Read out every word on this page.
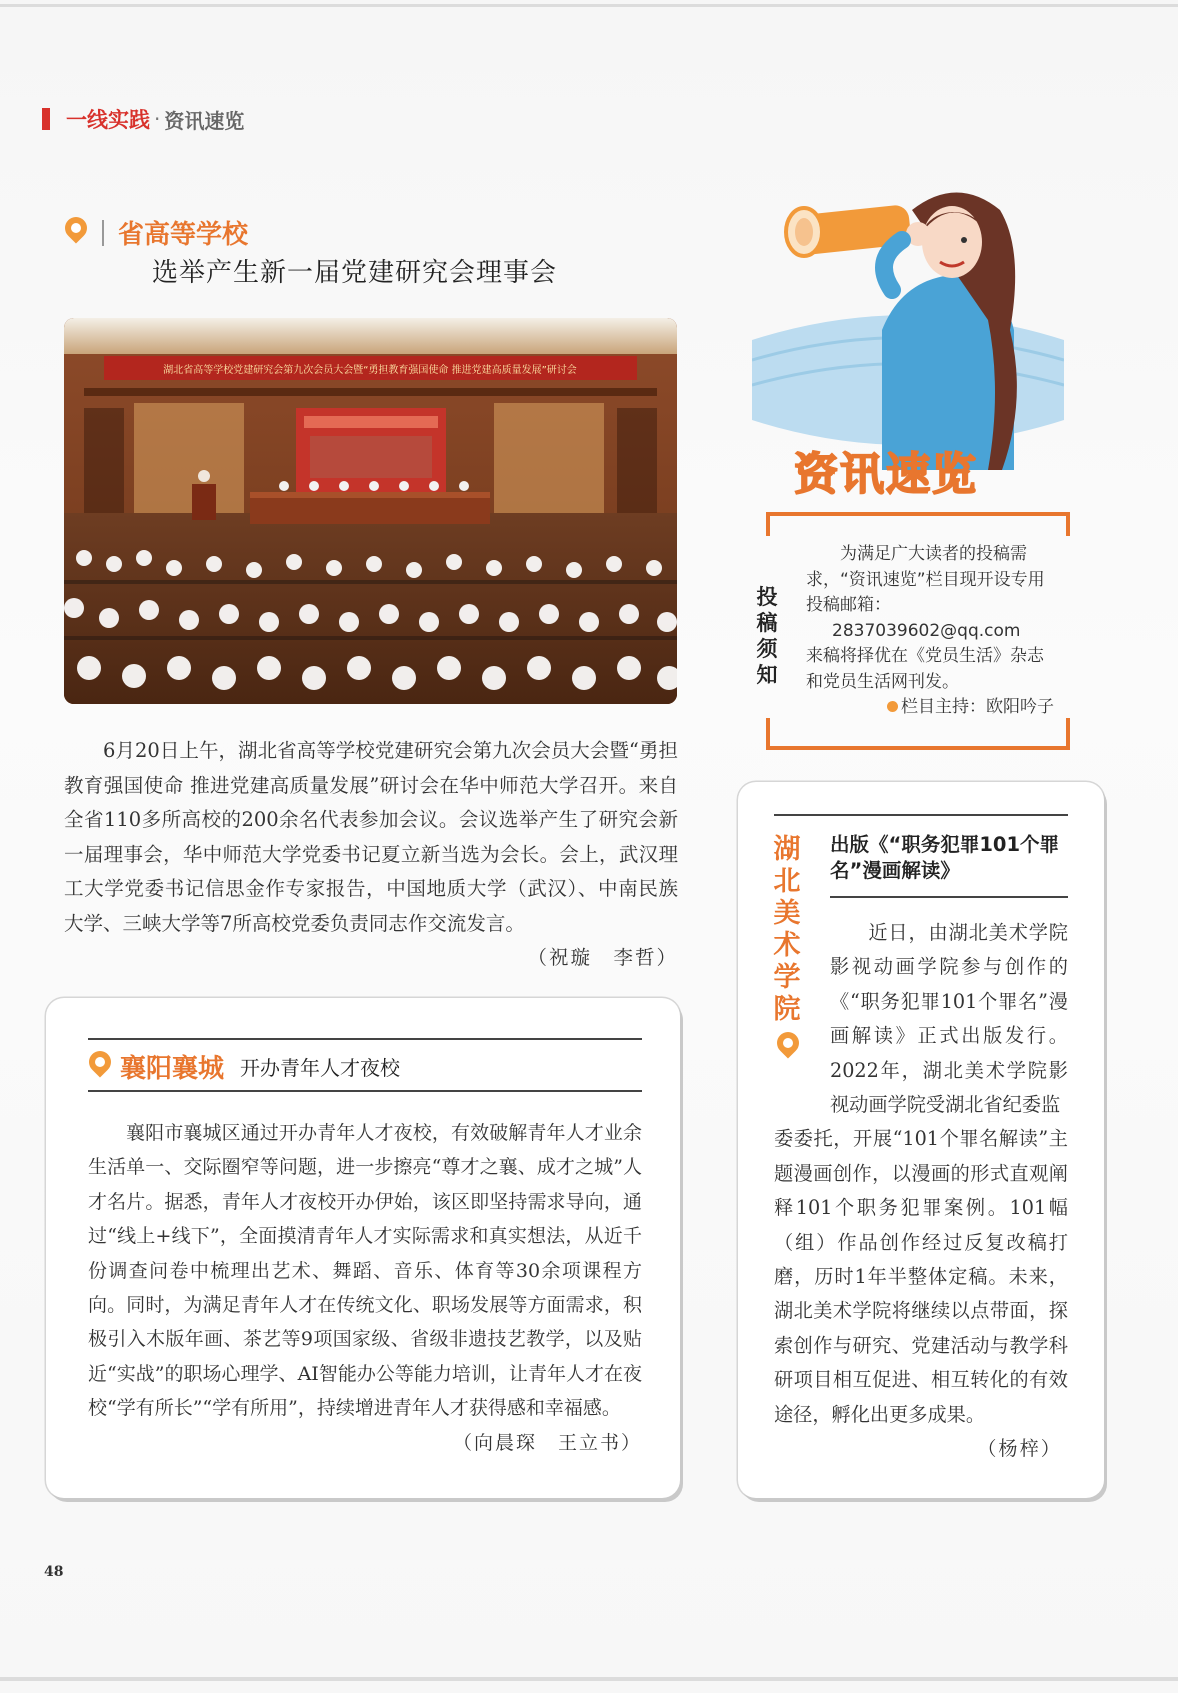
一线实践 · 资讯速览
省高等学校
选举产生新一届党建研究会理事会
湖北省高等学校党建研究会第九次会员大会暨“勇担教育强国使命 推进党建高质量发展”研讨会

6月20日上午，湖北省高等学校党建研究会第九次会员大会暨“勇担教育强国使命 推进党建高质量发展”研讨会在华中师范大学召开。来自全省110多所高校的200余名代表参加会议。会议选举产生了研究会新一届理事会，华中师范大学党委书记夏立新当选为会长。会上，武汉理工大学党委书记信思金作专家报告，中国地质大学（武汉）、中南民族大学、三峡大学等7所高校党委负责同志作交流发言。
（祝璇　李哲）

资讯速览
投
稿
须
知
为满足广大读者的投稿需求，“资讯速览”栏目现开设专用投稿邮箱：
2837039602@qq.com
来稿将择优在《党员生活》杂志和党员生活网刊发。
栏目主持：欧阳吟子
襄阳襄城 开办青年人才夜校

襄阳市襄城区通过开办青年人才夜校，有效破解青年人才业余生活单一、交际圈窄等问题，进一步擦亮“尊才之襄、成才之城”人才名片。据悉，青年人才夜校开办伊始，该区即坚持需求导向，通过“线上+线下”，全面摸清青年人才实际需求和真实想法，从近千份调查问卷中梳理出艺术、舞蹈、音乐、体育等30余项课程方向。同时，为满足青年人才在传统文化、职场发展等方面需求，积极引入木版年画、茶艺等9项国家级、省级非遗技艺教学，以及贴近“实战”的职场心理学、AI智能办公等能力培训，让青年人才在夜校“学有所长”“学有所用”，持续增进青年人才获得感和幸福感。
（向晨琛　王立书）

湖
北
美
术
学
院
出版《“职务犯罪101个罪名”漫画解读》

近日，由湖北美术学院影视动画学院参与创作的《“职务犯罪101个罪名”漫画解读》正式出版发行。2022年，湖北美术学院影视动画学院受湖北省纪委监

委委托，开展“101个罪名解读”主题漫画创作，以漫画的形式直观阐释101个职务犯罪案例。101幅（组）作品创作经过反复改稿打磨，历时1年半整体定稿。未来，湖北美术学院将继续以点带面，探索创作与研究、党建活动与教学科研项目相互促进、相互转化的有效途径，孵化出更多成果。

（杨梓）

48
